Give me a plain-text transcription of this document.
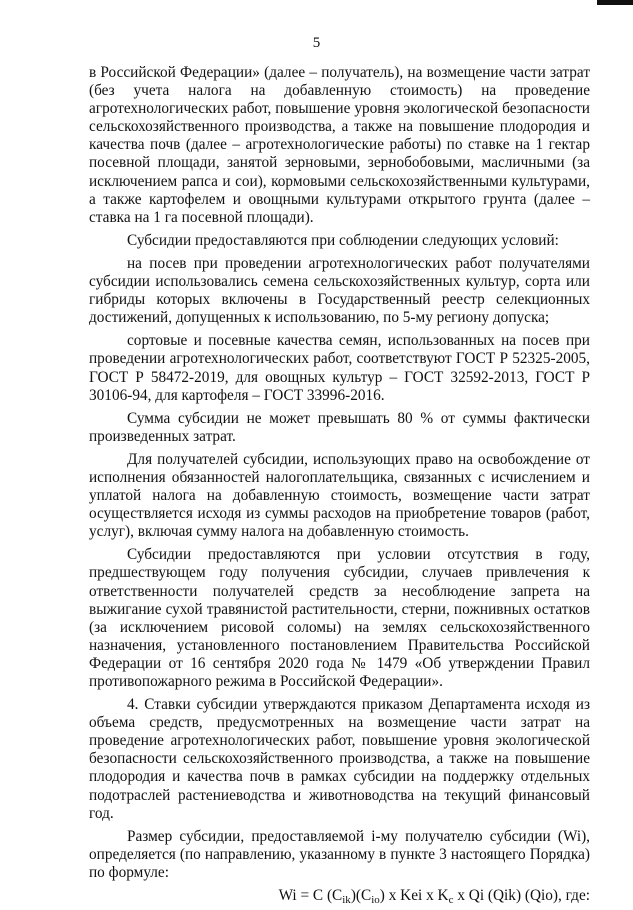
5

в Российской Федерации» (далее – получатель), на возмещение части затрат (без учета налога на добавленную стоимость) на проведение агротехнологических работ, повышение уровня экологической безопасности сельскохозяйственного производства, а также на повышение плодородия и качества почв (далее – агротехнологические работы) по ставке на 1 гектар посевной площади, занятой зерновыми, зернобобовыми, масличными (за исключением рапса и сои), кормовыми сельскохозяйственными культурами, а также картофелем и овощными культурами открытого грунта (далее – ставка на 1 га посевной площади).

Субсидии предоставляются при соблюдении следующих условий:

на посев при проведении агротехнологических работ получателями субсидии использовались семена сельскохозяйственных культур, сорта или гибриды которых включены в Государственный реестр селекционных достижений, допущенных к использованию, по 5-му региону допуска;

сортовые и посевные качества семян, использованных на посев при проведении агротехнологических работ, соответствуют ГОСТ Р 52325-2005, ГОСТ Р 58472-2019, для овощных культур – ГОСТ 32592-2013, ГОСТ Р 30106-94, для картофеля – ГОСТ 33996-2016.

Сумма субсидии не может превышать 80 % от суммы фактически произведенных затрат.

Для получателей субсидии, использующих право на освобождение от исполнения обязанностей налогоплательщика, связанных с исчислением и уплатой налога на добавленную стоимость, возмещение части затрат осуществляется исходя из суммы расходов на приобретение товаров (работ, услуг), включая сумму налога на добавленную стоимость.

Субсидии предоставляются при условии отсутствия в году, предшествующем году получения субсидии, случаев привлечения к ответственности получателей средств за несоблюдение запрета на выжигание сухой травянистой растительности, стерни, пожнивных остатков (за исключением рисовой соломы) на землях сельскохозяйственного назначения, установленного постановлением Правительства Российской Федерации от 16 сентября 2020 года № 1479 «Об утверждении Правил противопожарного режима в Российской Федерации».

4. Ставки субсидии утверждаются приказом Департамента исходя из объема средств, предусмотренных на возмещение части затрат на проведение агротехнологических работ, повышение уровня экологической безопасности сельскохозяйственного производства, а также на повышение плодородия и качества почв в рамках субсидии на поддержку отдельных подотраслей растениеводства и животноводства на текущий финансовый год.

Размер субсидии, предоставляемой i-му получателю субсидии (Wi), определяется (по направлению, указанному в пункте 3 настоящего Порядка) по формуле:

Wi = C $(C_{ik})(C_{io})$ х Kei х $K_c$ х Qi (Qik) (Qio), где:
